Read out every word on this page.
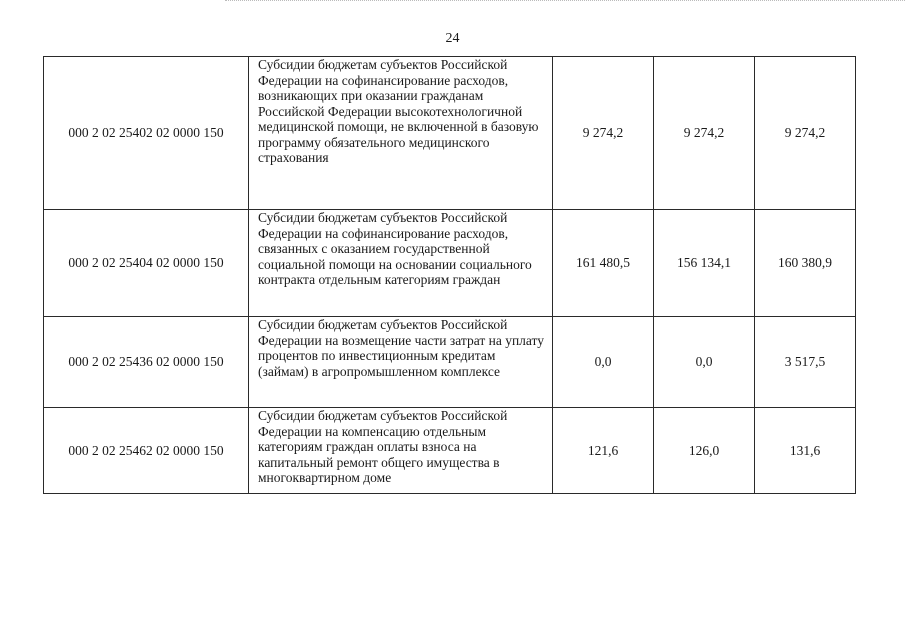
24
000 2 02 25402 02 0000 150	Субсидии бюджетам субъектов Российской Федерации на софинансирование расходов, возникающих при оказании гражданам Российской Федерации высокотехнологичной медицинской помощи, не включенной в базовую программу обязательного медицинского страхования	9 274,2	9 274,2	9 274,2
000 2 02 25404 02 0000 150	Субсидии бюджетам субъектов Российской Федерации на софинансирование расходов, связанных с оказанием государственной социальной помощи на основании социального контракта отдельным категориям граждан	161 480,5	156 134,1	160 380,9
000 2 02 25436 02 0000 150	Субсидии бюджетам субъектов Российской Федерации на возмещение части затрат на уплату процентов по инвестиционным кредитам (займам) в агропромышленном комплексе	0,0	0,0	3 517,5
000 2 02 25462 02 0000 150	Субсидии бюджетам субъектов Российской Федерации на компенсацию отдельным категориям граждан оплаты взноса на капитальный ремонт общего имущества в многоквартирном доме	121,6	126,0	131,6
